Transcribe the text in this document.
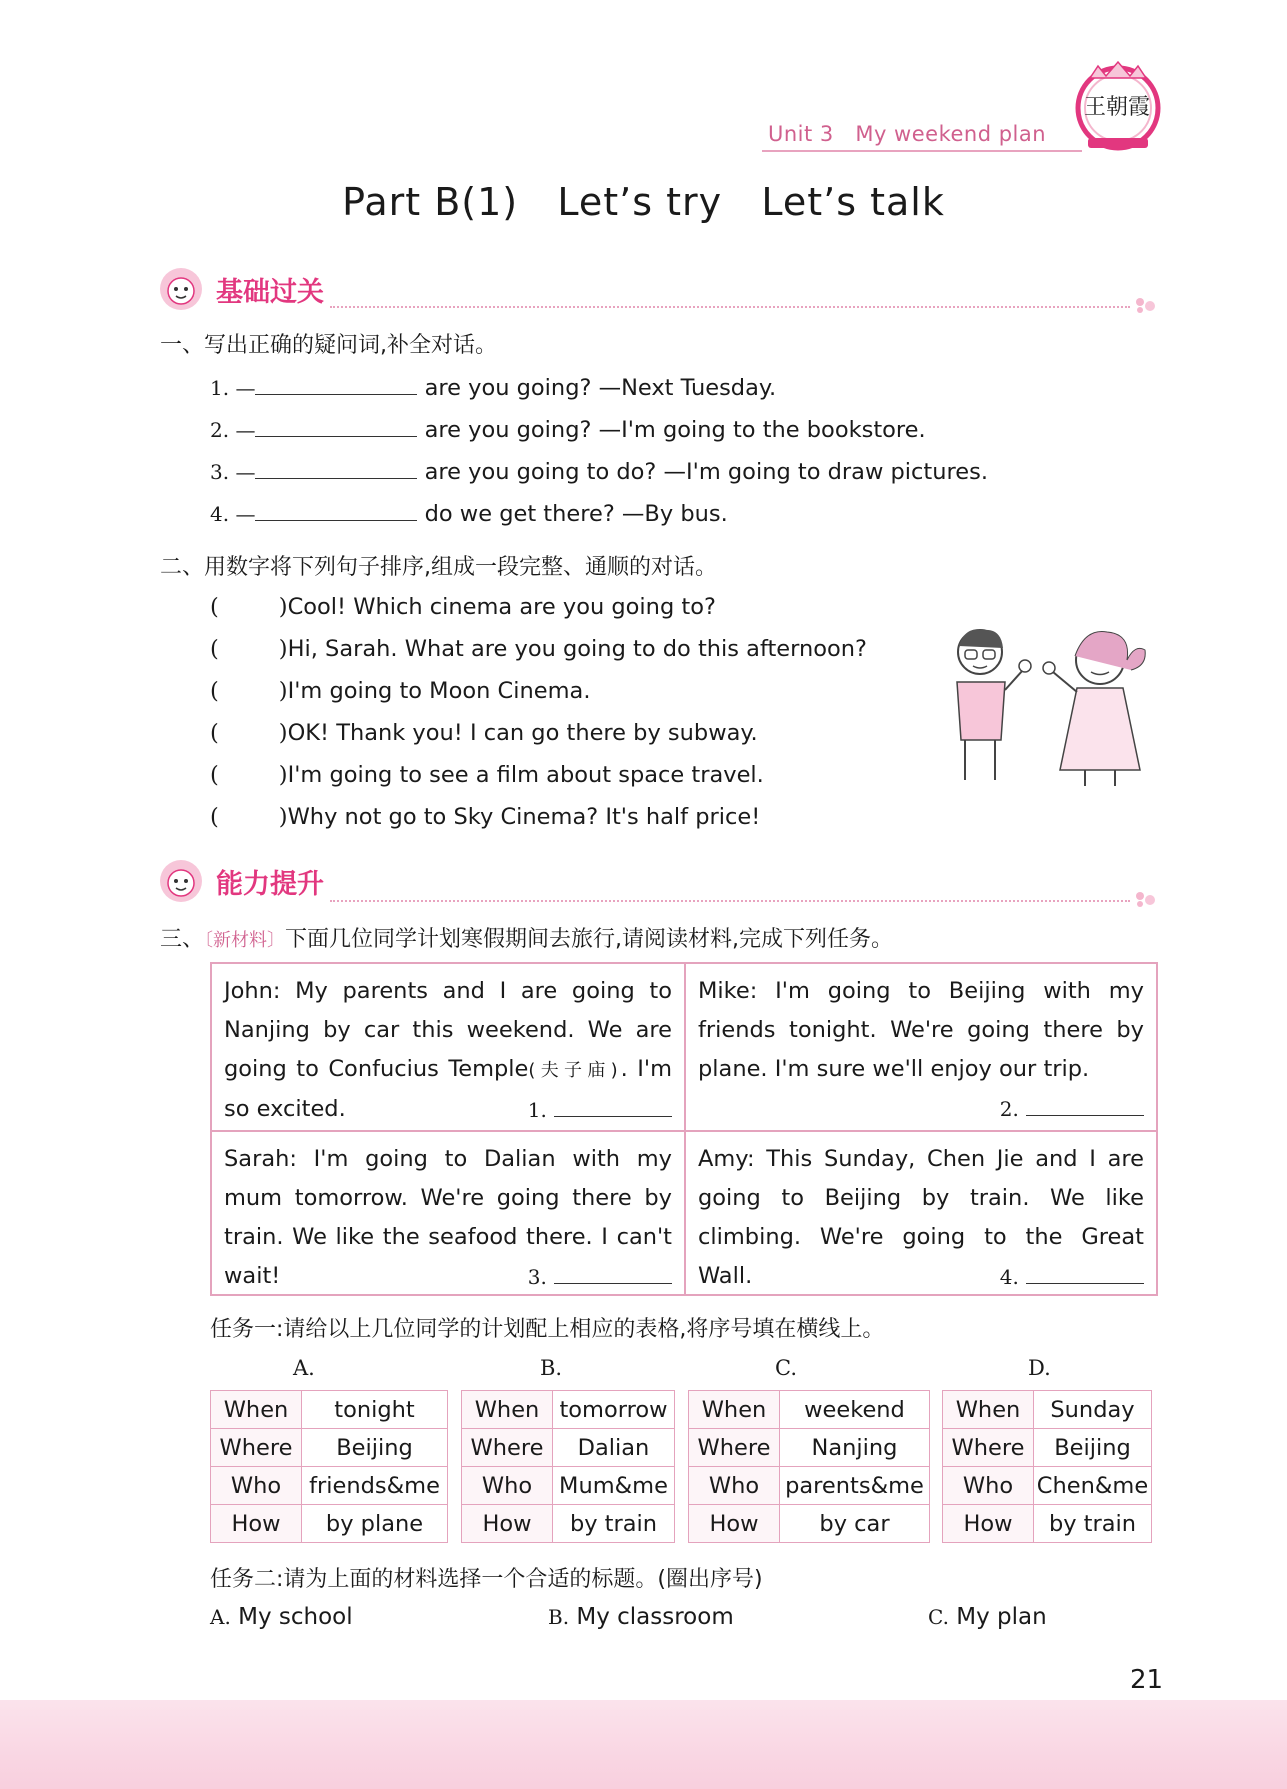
Unit 3 My weekend plan
王朝霞
Part B(1)   Let’s try   Let’s talk
基础过关
一、写出正确的疑问词,补全对话。
1. —	are you going? —Next Tuesday.
2. —	are you going? —I'm going to the bookstore.
3. —	are you going to do? —I'm going to draw pictures.
4. —	do we get there? —By bus.
二、用数字将下列句子排序,组成一段完整、通顺的对话。
(	)Cool! Which cinema are you going to?
(	)Hi, Sarah. What are you going to do this afternoon?
(	)I'm going to Moon Cinema.
(	)OK! Thank you! I can go there by subway.
(	)I'm going to see a film about space travel.
(	)Why not go to Sky Cinema? It's half price!
能力提升
三、〔新材料〕下面几位同学计划寒假期间去旅行,请阅读材料,完成下列任务。
John: My parents and I are going to Nanjing by car this weekend. We are going to Confucius Temple(夫子庙). I'm so excited.	1.
Mike: I'm going to Beijing with my friends tonight. We're going there by plane. I'm sure we'll enjoy our trip.
2.
Sarah: I'm going to Dalian with my mum tomorrow. We're going there by train. We like the seafood there. I can't wait!	3.
Amy: This Sunday, Chen Jie and I are going to Beijing by train. We like climbing. We're going to the Great Wall.	4.
任务一:请给以上几位同学的计划配上相应的表格,将序号填在横线上。
A.	B.	C.	D.
When	tonight
Where	Beijing
Who	friends&me
How	by plane
When	tomorrow
Where	Dalian
Who	Mum&me
How	by train
When	weekend
Where	Nanjing
Who	parents&me
How	by car
When	Sunday
Where	Beijing
Who	Chen&me
How	by train
任务二:请为上面的材料选择一个合适的标题。(圈出序号)
A. My school	B. My classroom	C. My plan
21
